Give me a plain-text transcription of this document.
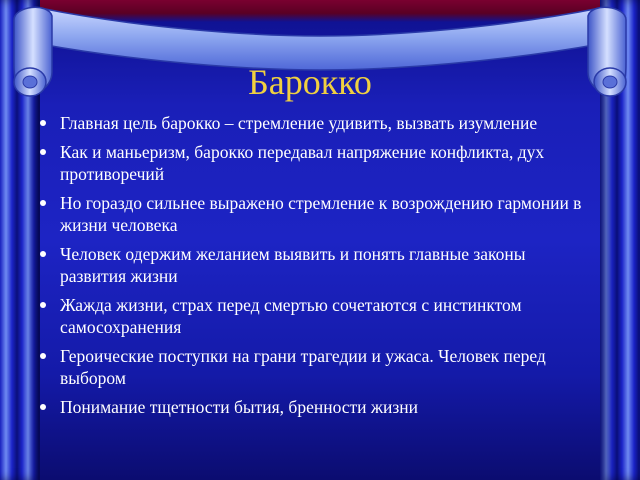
Барокко
Главная цель барокко – стремление удивить, вызвать изумление
Как и маньеризм, барокко передавал напряжение конфликта, дух противоречий
Но гораздо сильнее выражено стремление к возрождению гармонии в жизни человека
Человек одержим желанием выявить и понять главные законы развития жизни
Жажда жизни, страх перед смертью сочетаются с инстинктом самосохранения
Героические поступки на грани трагедии и ужаса. Человек перед выбором
Понимание тщетности бытия, бренности жизни
